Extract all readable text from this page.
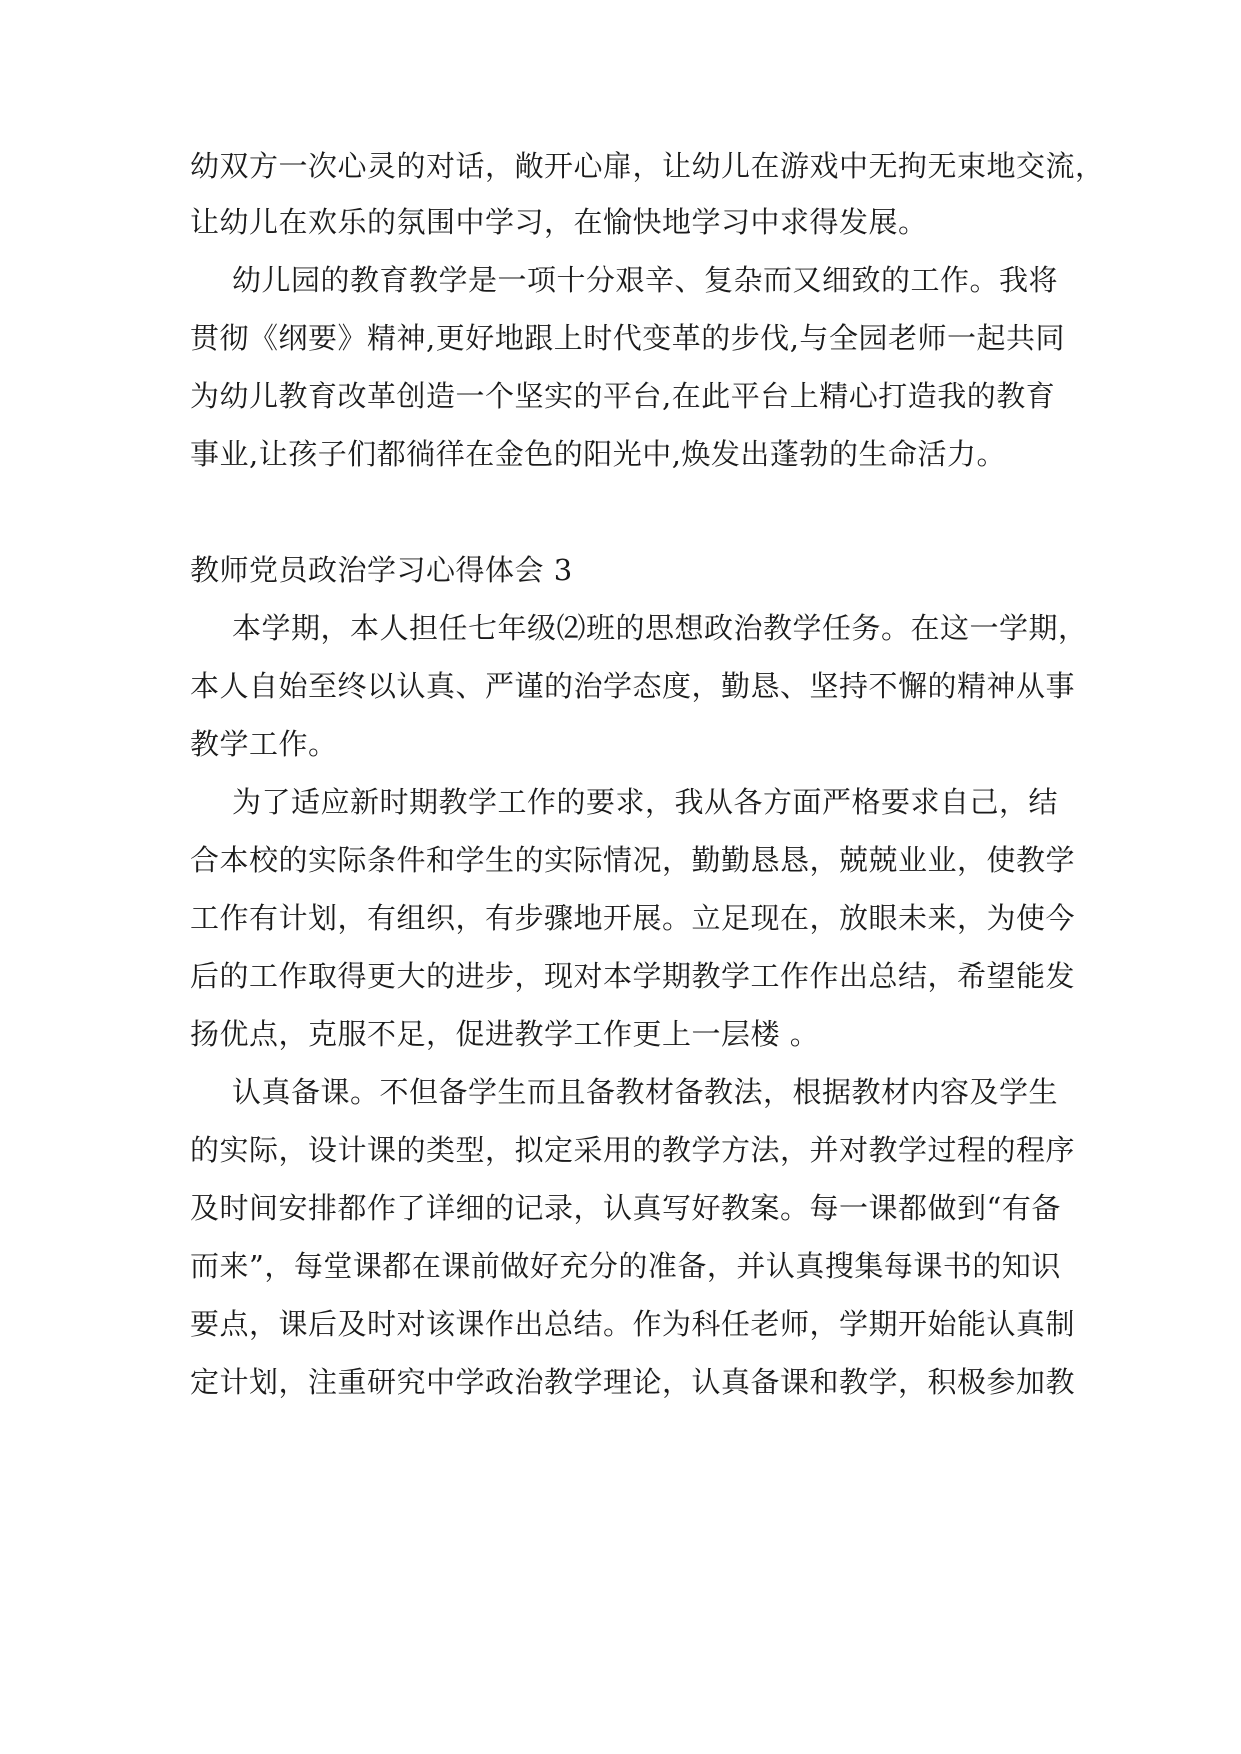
幼双方一次心灵的对话，敞开心扉，让幼儿在游戏中无拘无束地交流，
让幼儿在欢乐的氛围中学习，在愉快地学习中求得发展。
幼儿园的教育教学是一项十分艰辛、复杂而又细致的工作。我将
贯彻《纲要》精神,更好地跟上时代变革的步伐,与全园老师一起共同
为幼儿教育改革创造一个坚实的平台,在此平台上精心打造我的教育
事业,让孩子们都徜徉在金色的阳光中,焕发出蓬勃的生命活力。
教师党员政治学习心得体会 3
本学期，本人担任七年级⑵班的思想政治教学任务。在这一学期，
本人自始至终以认真、严谨的治学态度，勤恳、坚持不懈的精神从事
教学工作。
为了适应新时期教学工作的要求，我从各方面严格要求自己，结
合本校的实际条件和学生的实际情况，勤勤恳恳，兢兢业业，使教学
工作有计划，有组织，有步骤地开展。立足现在，放眼未来，为使今
后的工作取得更大的进步，现对本学期教学工作作出总结，希望能发
扬优点，克服不足，促进教学工作更上一层楼 。
认真备课。不但备学生而且备教材备教法，根据教材内容及学生
的实际，设计课的类型，拟定采用的教学方法，并对教学过程的程序
及时间安排都作了详细的记录，认真写好教案。每一课都做到“有备
而来”，每堂课都在课前做好充分的准备，并认真搜集每课书的知识
要点，课后及时对该课作出总结。作为科任老师，学期开始能认真制
定计划，注重研究中学政治教学理论，认真备课和教学，积极参加教
